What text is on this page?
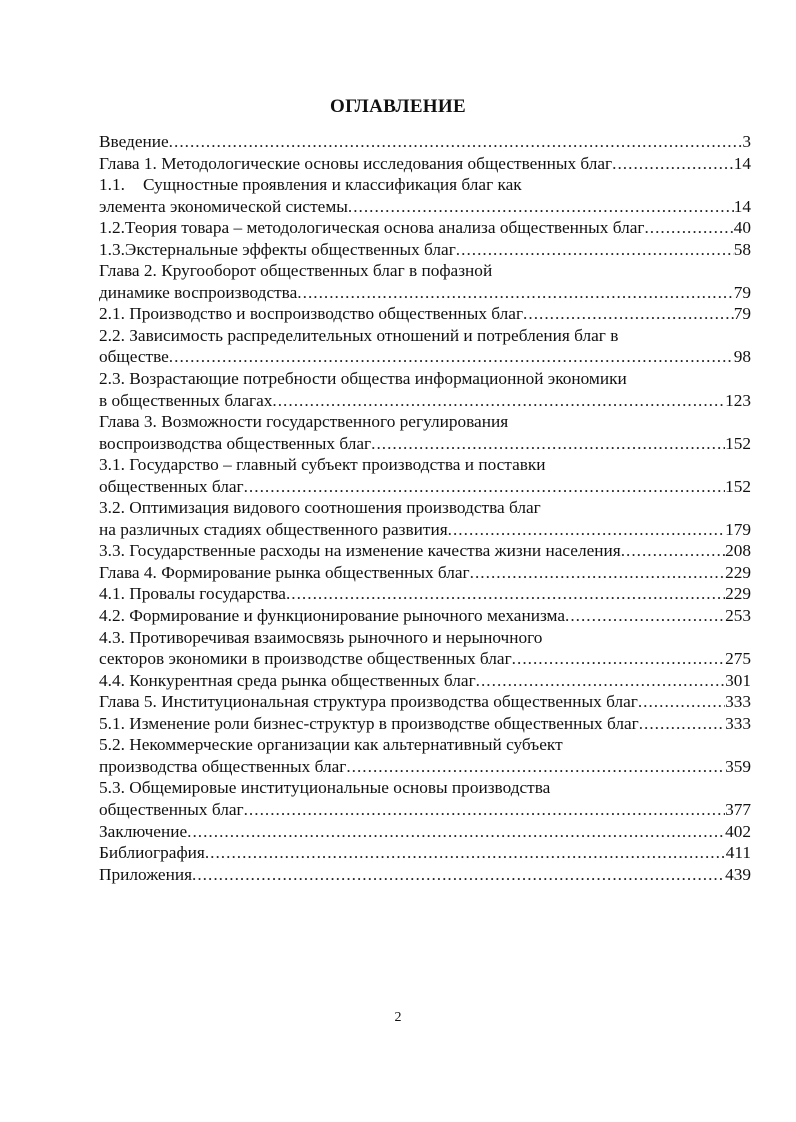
ОГЛАВЛЕНИЕ
Введение .....	3
Глава 1. Методологические основы исследования общественных благ .....	14
1.1.	Сущностные проявления и классификация благ как
элемента экономической системы .....	14
1.2. Теория товара – методологическая основа анализа общественных благ .....	40
1.3. Экстернальные эффекты общественных благ .....	58
Глава 2. Кругооборот общественных благ в пофазной
динамике воспроизводства .....	79
2.1. Производство и воспроизводство общественных благ .....	79
2.2. Зависимость распределительных отношений и потребления благ в
обществе .....	98
2.3. Возрастающие потребности общества информационной экономики
в общественных благах .....	123
Глава 3. Возможности государственного регулирования
воспроизводства общественных благ .....	152
3.1. Государство – главный субъект производства и поставки
общественных благ .....	152
3.2. Оптимизация видового соотношения производства благ
на различных стадиях общественного развития .....	179
3.3. Государственные расходы на изменение качества жизни населения .....	208
Глава 4. Формирование рынка общественных благ .....	229
4.1. Провалы государства .....	229
4.2. Формирование и функционирование рыночного механизма .....	253
4.3. Противоречивая взаимосвязь рыночного и нерыночного
секторов экономики в производстве общественных благ .....	275
4.4. Конкурентная среда рынка общественных благ .....	301
Глава 5. Институциональная структура производства общественных благ .....	333
5.1. Изменение роли бизнес-структур в производстве общественных благ .....	333
5.2. Некоммерческие организации как альтернативный субъект
производства общественных благ .....	359
5.3. Общемировые институциональные основы производства
общественных благ .....	377
Заключение .....	402
Библиография .....	411
Приложения .....	439
2
